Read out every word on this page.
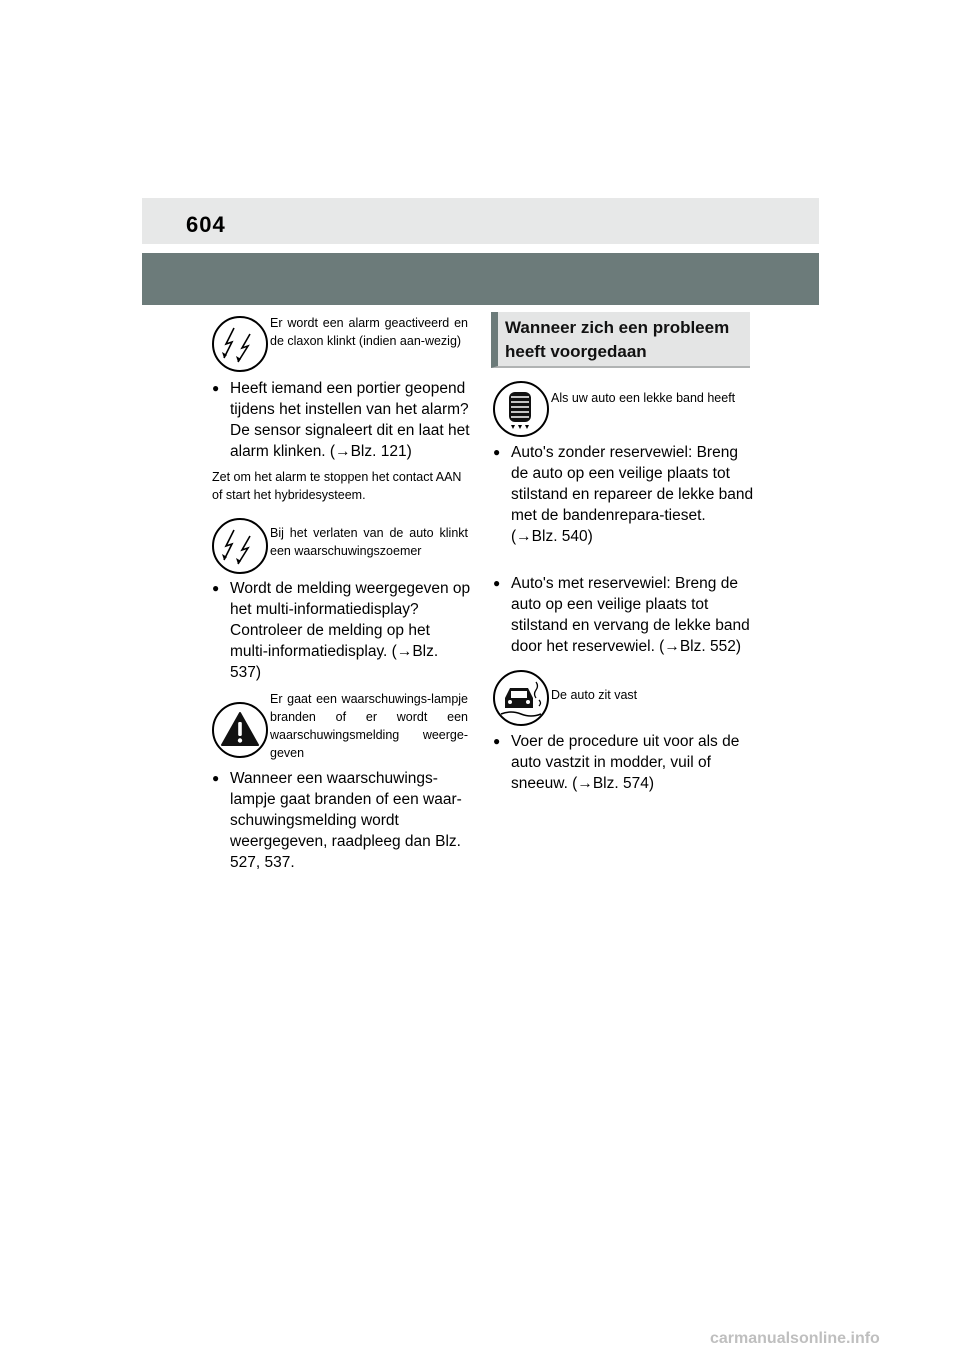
604
Er wordt een alarm geactiveerd en de claxon klinkt (indien aan-wezig)
● Heeft iemand een portier geopend tijdens het instellen van het alarm? De sensor signaleert dit en laat het alarm klinken. (→Blz. 121)
Zet om het alarm te stoppen het contact AAN of start het hybridesysteem.
Bij het verlaten van de auto klinkt een waarschuwingszoemer
● Wordt de melding weergegeven op het multi-informatiedisplay? Controleer de melding op het multi-informatiedisplay. (→Blz. 537)
Er gaat een waarschuwings-lampje branden of er wordt een waarschuwingsmelding weerge-geven
● Wanneer een waarschuwings-lampje gaat branden of een waar-schuwingsmelding wordt weergegeven, raadpleeg dan Blz. 527, 537.
Wanneer zich een probleem heeft voorgedaan
Als uw auto een lekke band heeft
● Auto's zonder reservewiel: Breng de auto op een veilige plaats tot stilstand en repareer de lekke band met de bandenrepara-tieset. (→Blz. 540)
● Auto's met reservewiel: Breng de auto op een veilige plaats tot stilstand en vervang de lekke band door het reservewiel. (→Blz. 552)
De auto zit vast
● Voer de procedure uit voor als de auto vastzit in modder, vuil of sneeuw. (→Blz. 574)
carmanualsonline.info
